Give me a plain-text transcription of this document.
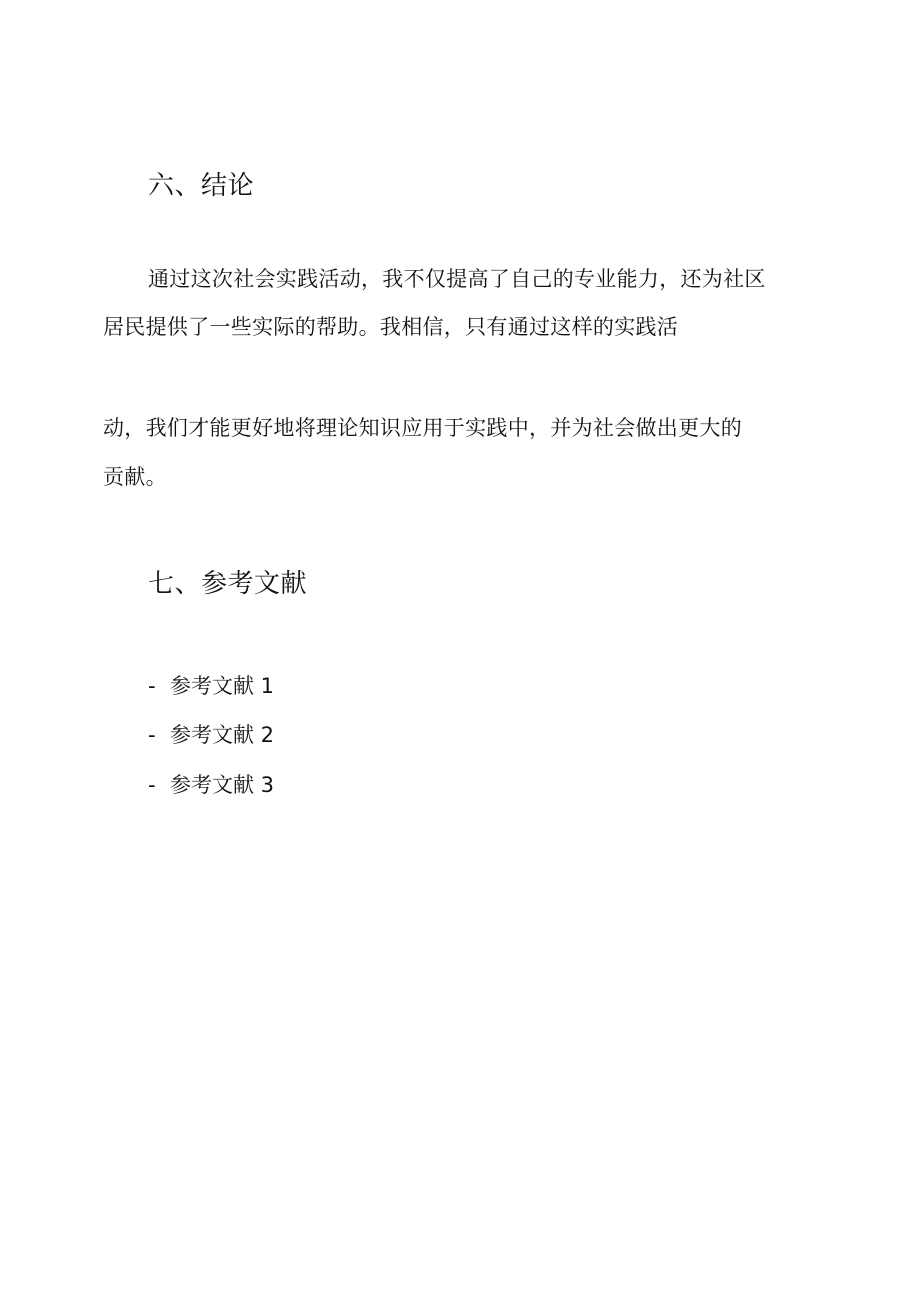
六、结论
通过这次社会实践活动，我不仅提高了自己的专业能力，还为社区
居民提供了一些实际的帮助。我相信，只有通过这样的实践活
动，我们才能更好地将理论知识应用于实践中，并为社会做出更大的
贡献。
七、参考文献
- 参考文献 1
- 参考文献 2
- 参考文献 3
